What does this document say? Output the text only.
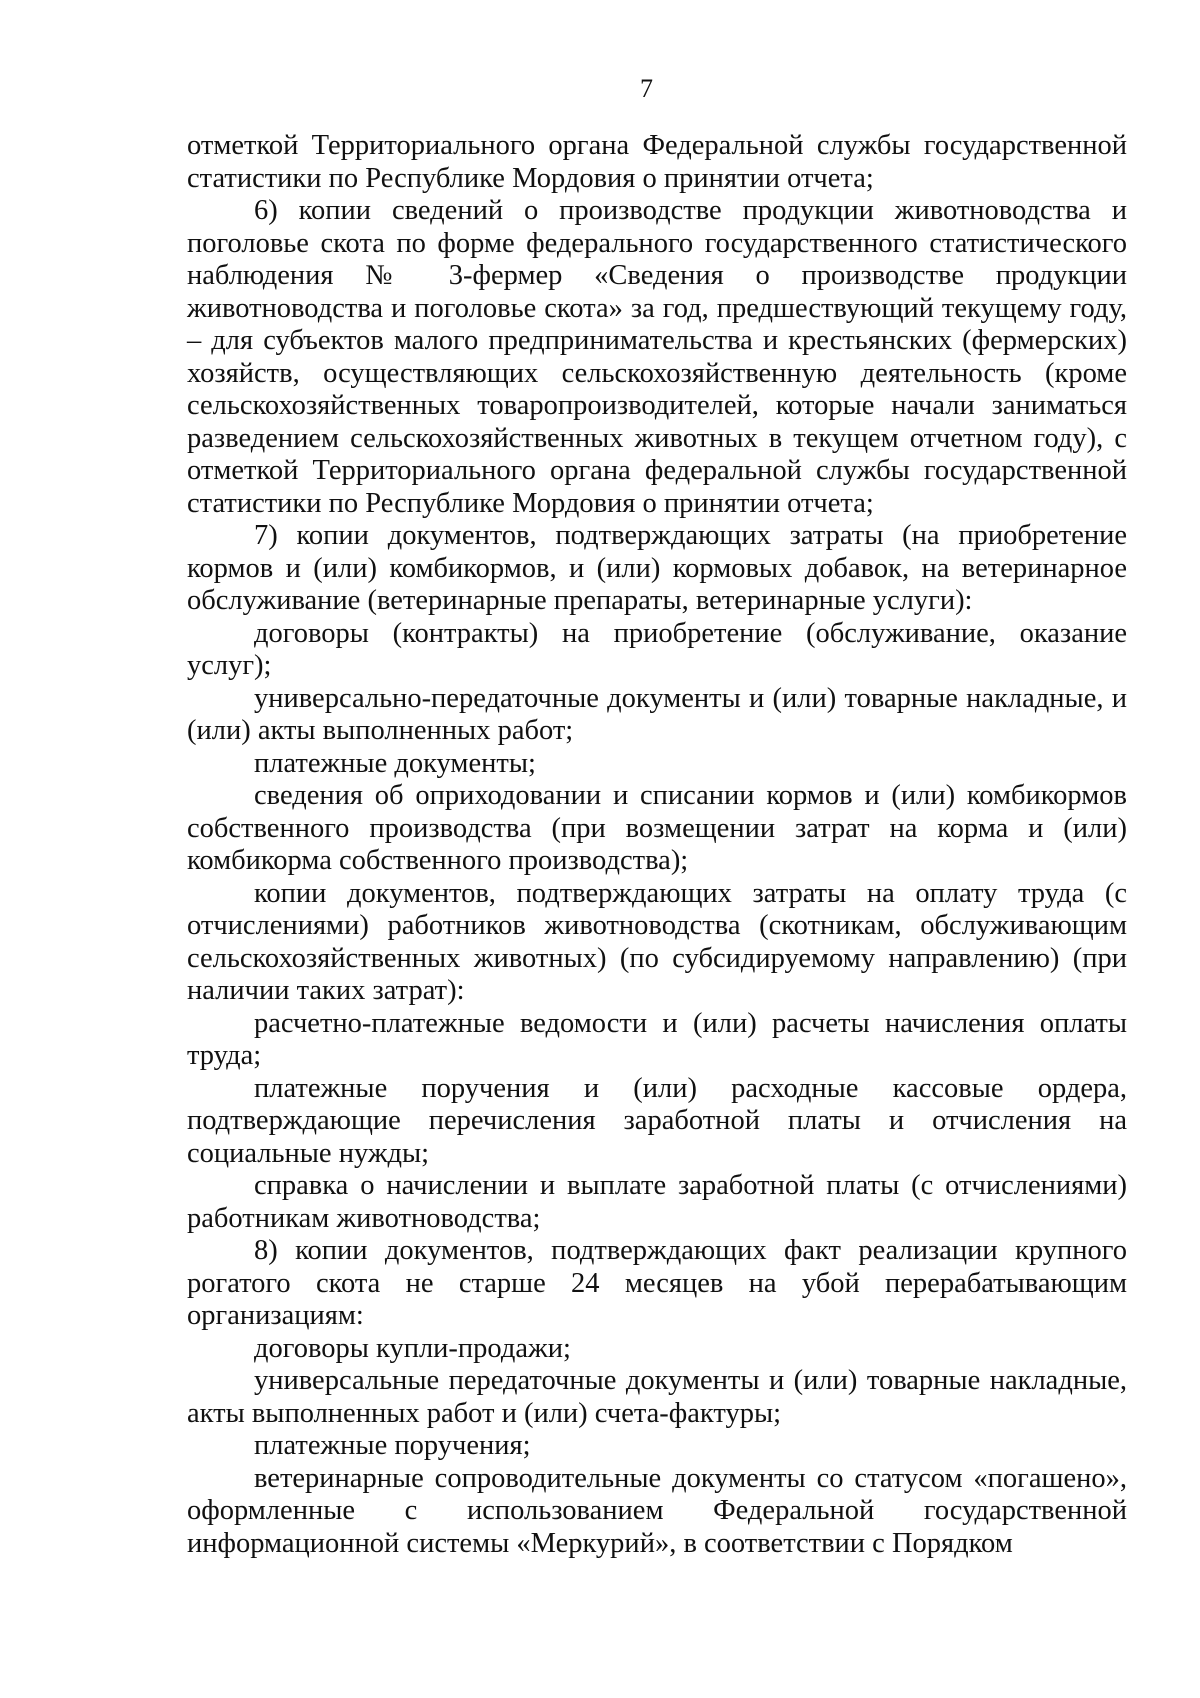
7

отметкой Территориального органа Федеральной службы государственной статистики по Республике Мордовия о принятии отчета;

6) копии сведений о производстве продукции животноводства и поголовье скота по форме федерального государственного статистического наблюдения № 3-фермер «Сведения о производстве продукции животноводства и поголовье скота» за год, предшествующий текущему году, – для субъектов малого предпринимательства и крестьянских (фермерских) хозяйств, осуществляющих сельскохозяйственную деятельность (кроме сельскохозяйственных товаропроизводителей, которые начали заниматься разведением сельскохозяйственных животных в текущем отчетном году), с отметкой Территориального органа федеральной службы государственной статистики по Республике Мордовия о принятии отчета;

7) копии документов, подтверждающих затраты (на приобретение кормов и (или) комбикормов, и (или) кормовых добавок, на ветеринарное обслуживание (ветеринарные препараты, ветеринарные услуги):

договоры (контракты) на приобретение (обслуживание, оказание услуг);

универсально-передаточные документы и (или) товарные накладные, и (или) акты выполненных работ;

платежные документы;

сведения об оприходовании и списании кормов и (или) комбикормов собственного производства (при возмещении затрат на корма и (или) комбикорма собственного производства);

копии документов, подтверждающих затраты на оплату труда (с отчислениями) работников животноводства (скотникам, обслуживающим сельскохозяйственных животных) (по субсидируемому направлению) (при наличии таких затрат):

расчетно-платежные ведомости и (или) расчеты начисления оплаты труда;

платежные поручения и (или) расходные кассовые ордера, подтверждающие перечисления заработной платы и отчисления на социальные нужды;

справка о начислении и выплате заработной платы (с отчислениями) работникам животноводства;

8) копии документов, подтверждающих факт реализации крупного рогатого скота не старше 24 месяцев на убой перерабатывающим организациям:

договоры купли-продажи;

универсальные передаточные документы и (или) товарные накладные, акты выполненных работ и (или) счета-фактуры;

платежные поручения;

ветеринарные сопроводительные документы со статусом «погашено», оформленные с использованием Федеральной государственной информационной системы «Меркурий», в соответствии с Порядком
